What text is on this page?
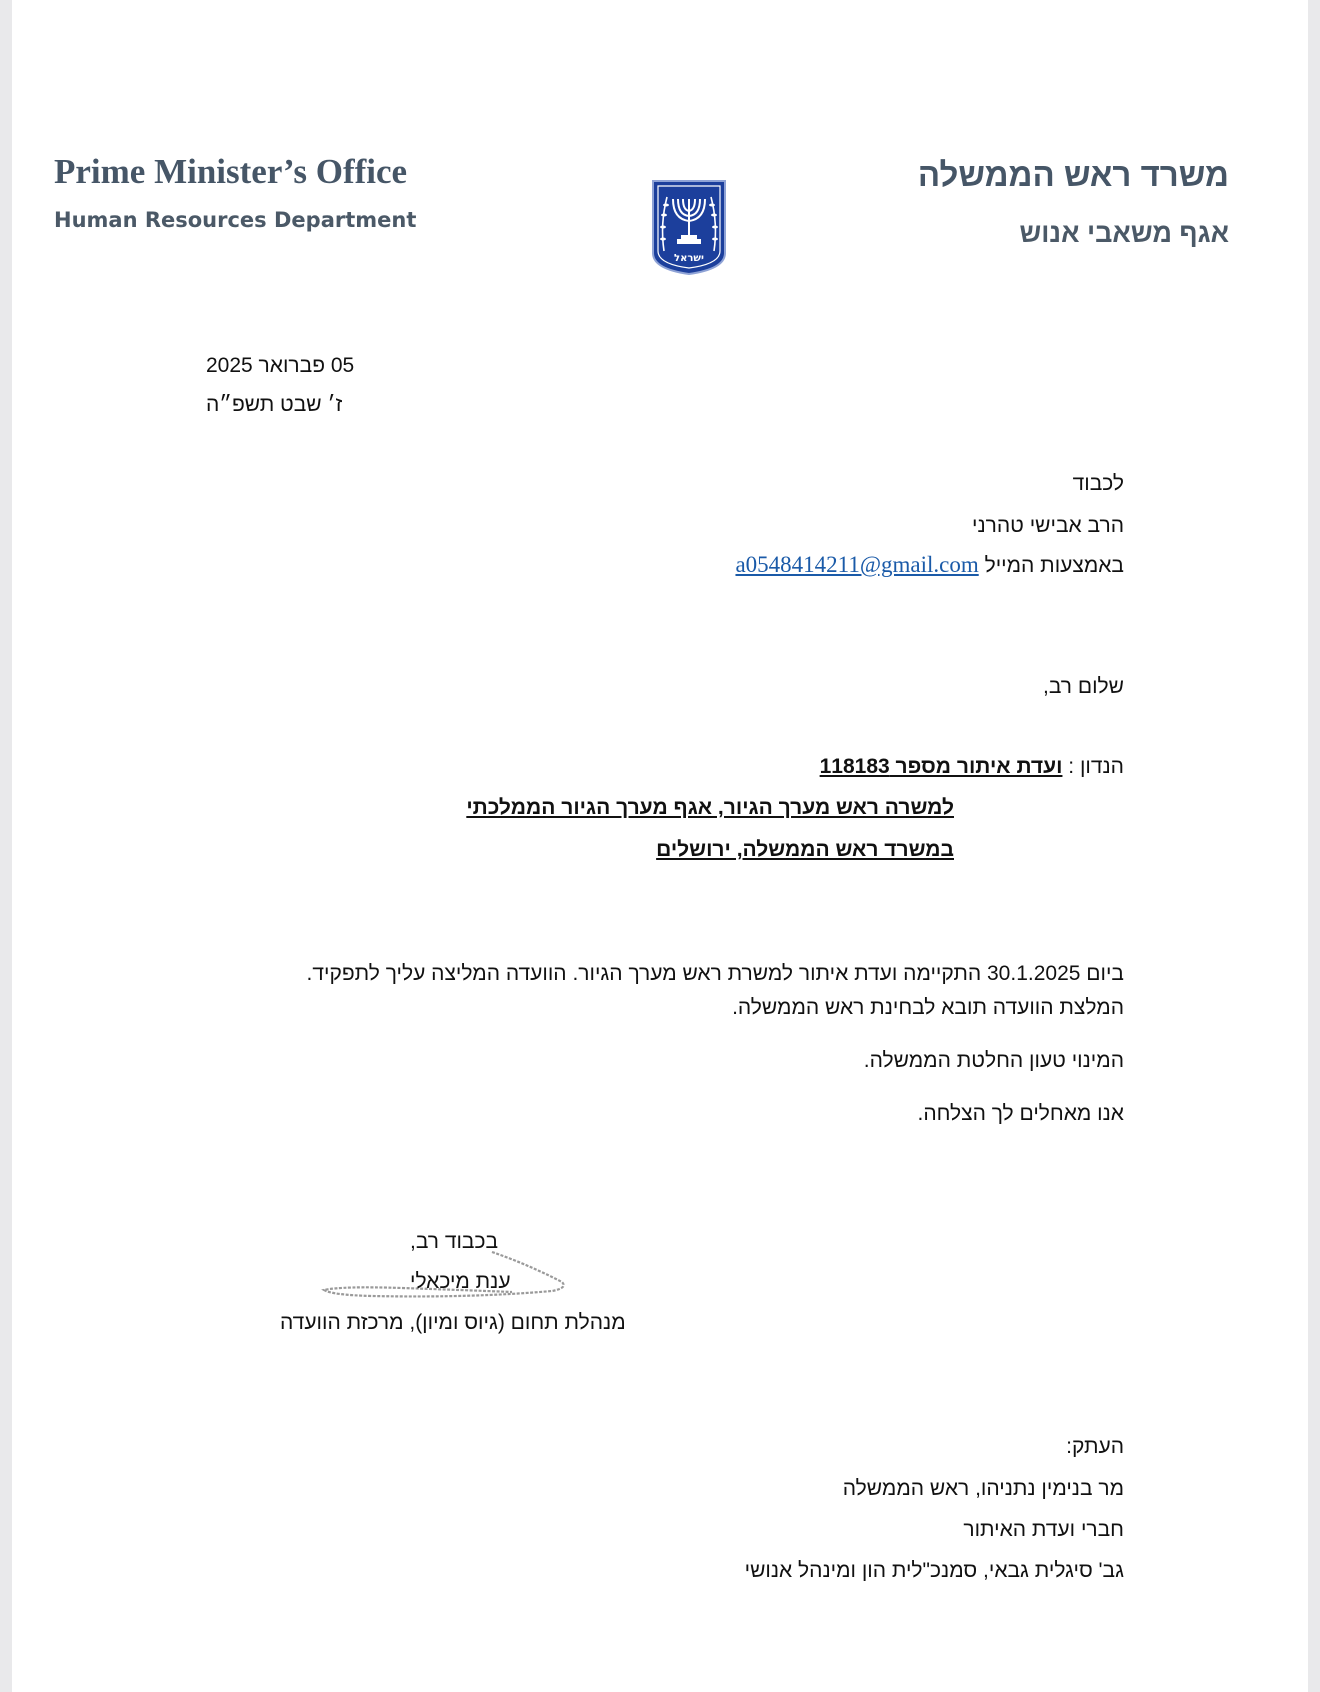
Prime Minister’s Office
Human Resources Department
משרד ראש הממשלה
אגף משאבי אנוש
ישראל
05 פברואר 2025
ז׳ שבט תשפ״ה
לכבוד
הרב אבישי טהרני
באמצעות המייל a0548414211@gmail.com
שלום רב,
הנדון : ועדת איתור מספר 118183
למשרה ראש מערך הגיור, אגף מערך הגיור הממלכתי
במשרד ראש הממשלה, ירושלים
ביום 30.1.2025 התקיימה ועדת איתור למשרת ראש מערך הגיור. הוועדה המליצה עליך לתפקיד.
המלצת הוועדה תובא לבחינת ראש הממשלה.
המינוי טעון החלטת הממשלה.
אנו מאחלים לך הצלחה.
בכבוד רב,
ענת מיכאלי
מנהלת תחום (גיוס ומיון), מרכזת הוועדה
העתק:
מר בנימין נתניהו, ראש הממשלה
חברי ועדת האיתור
גב' סיגלית גבאי, סמנכ"לית הון ומינהל אנושי
